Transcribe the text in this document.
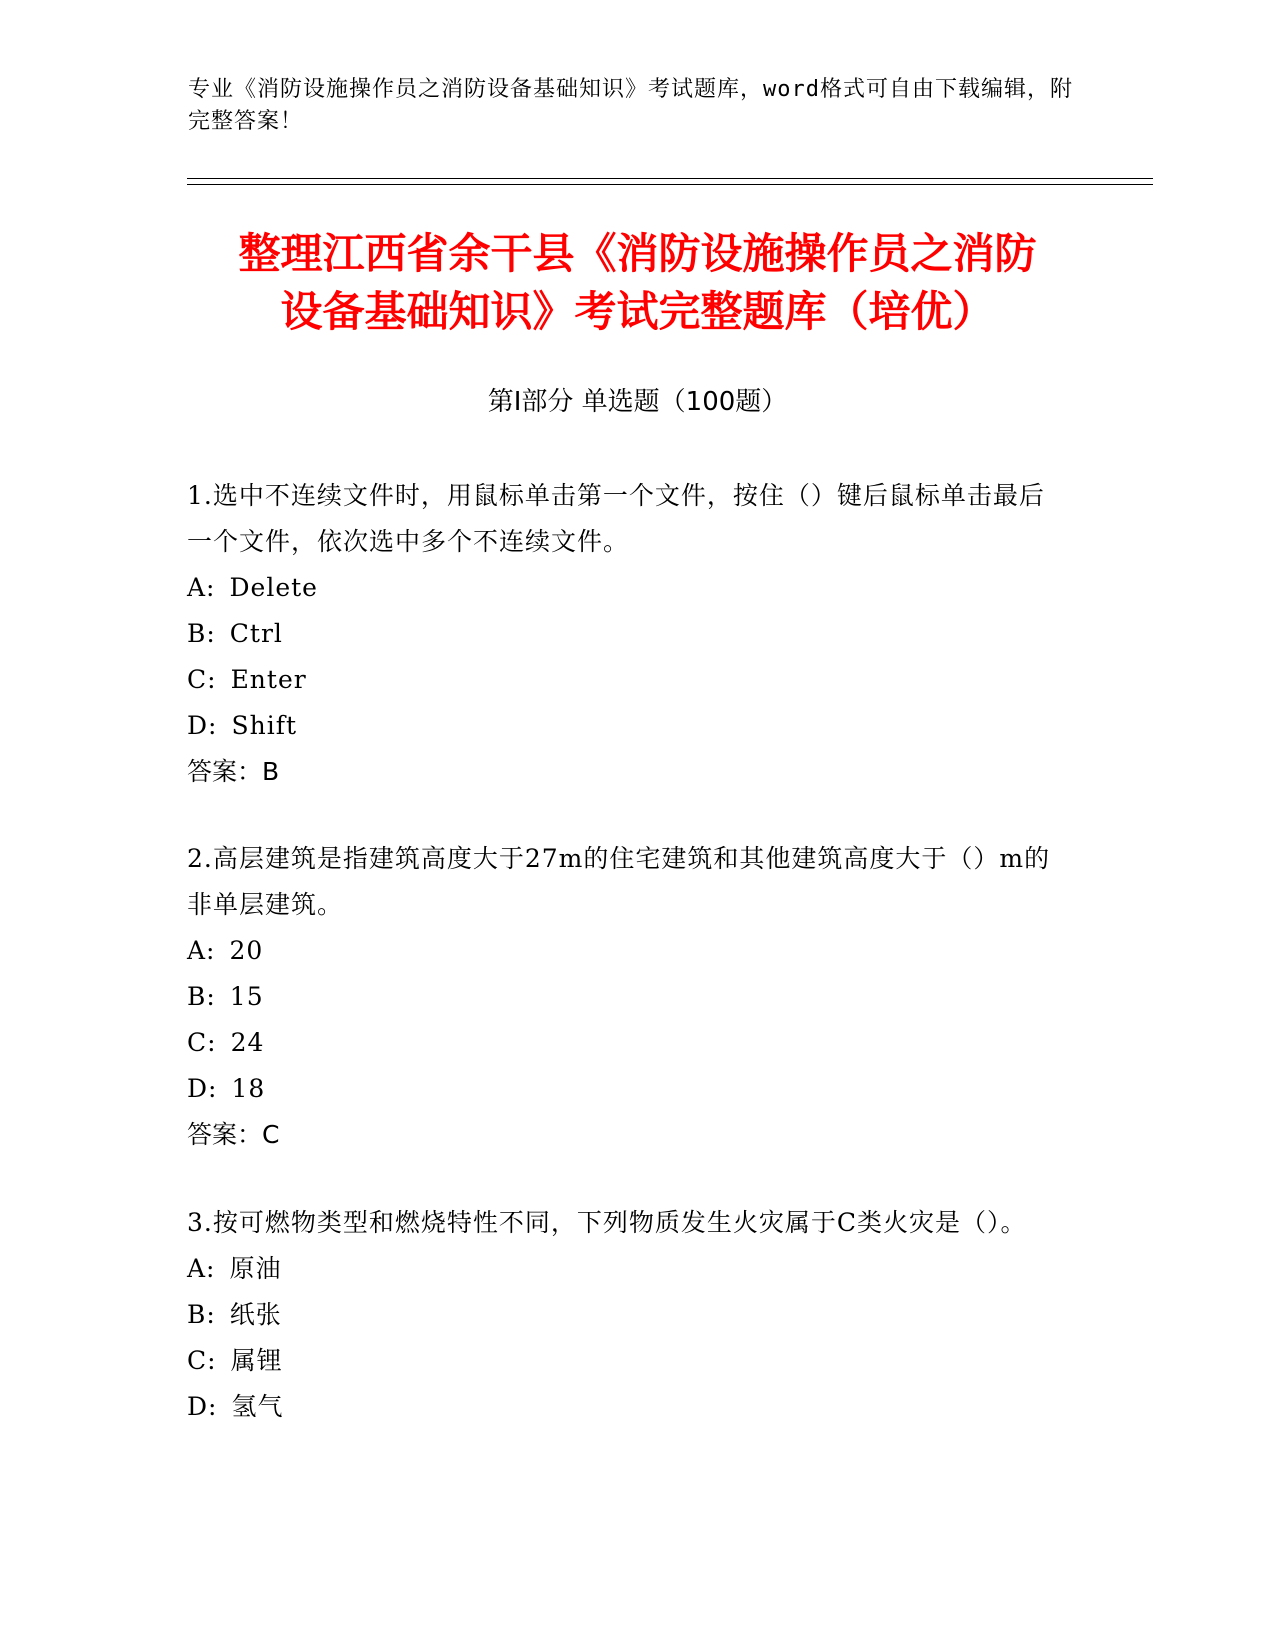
专业《消防设施操作员之消防设备基础知识》考试题库，word格式可自由下载编辑，附完整答案！
整理江西省余干县《消防设施操作员之消防
设备基础知识》考试完整题库（培优）
第Ⅰ部分 单选题（100题）

1.选中不连续文件时，用鼠标单击第一个文件，按住（）键后鼠标单击最后一个文件，依次选中多个不连续文件。

A: Delete

B: Ctrl

C: Enter

D: Shift

答案：B

2.高层建筑是指建筑高度大于27m的住宅建筑和其他建筑高度大于（）m的非单层建筑。

A: 20

B: 15

C: 24

D: 18

答案：C

3.按可燃物类型和燃烧特性不同，下列物质发生火灾属于C类火灾是（）。

A: 原油

B: 纸张

C: 属锂

D: 氢气
